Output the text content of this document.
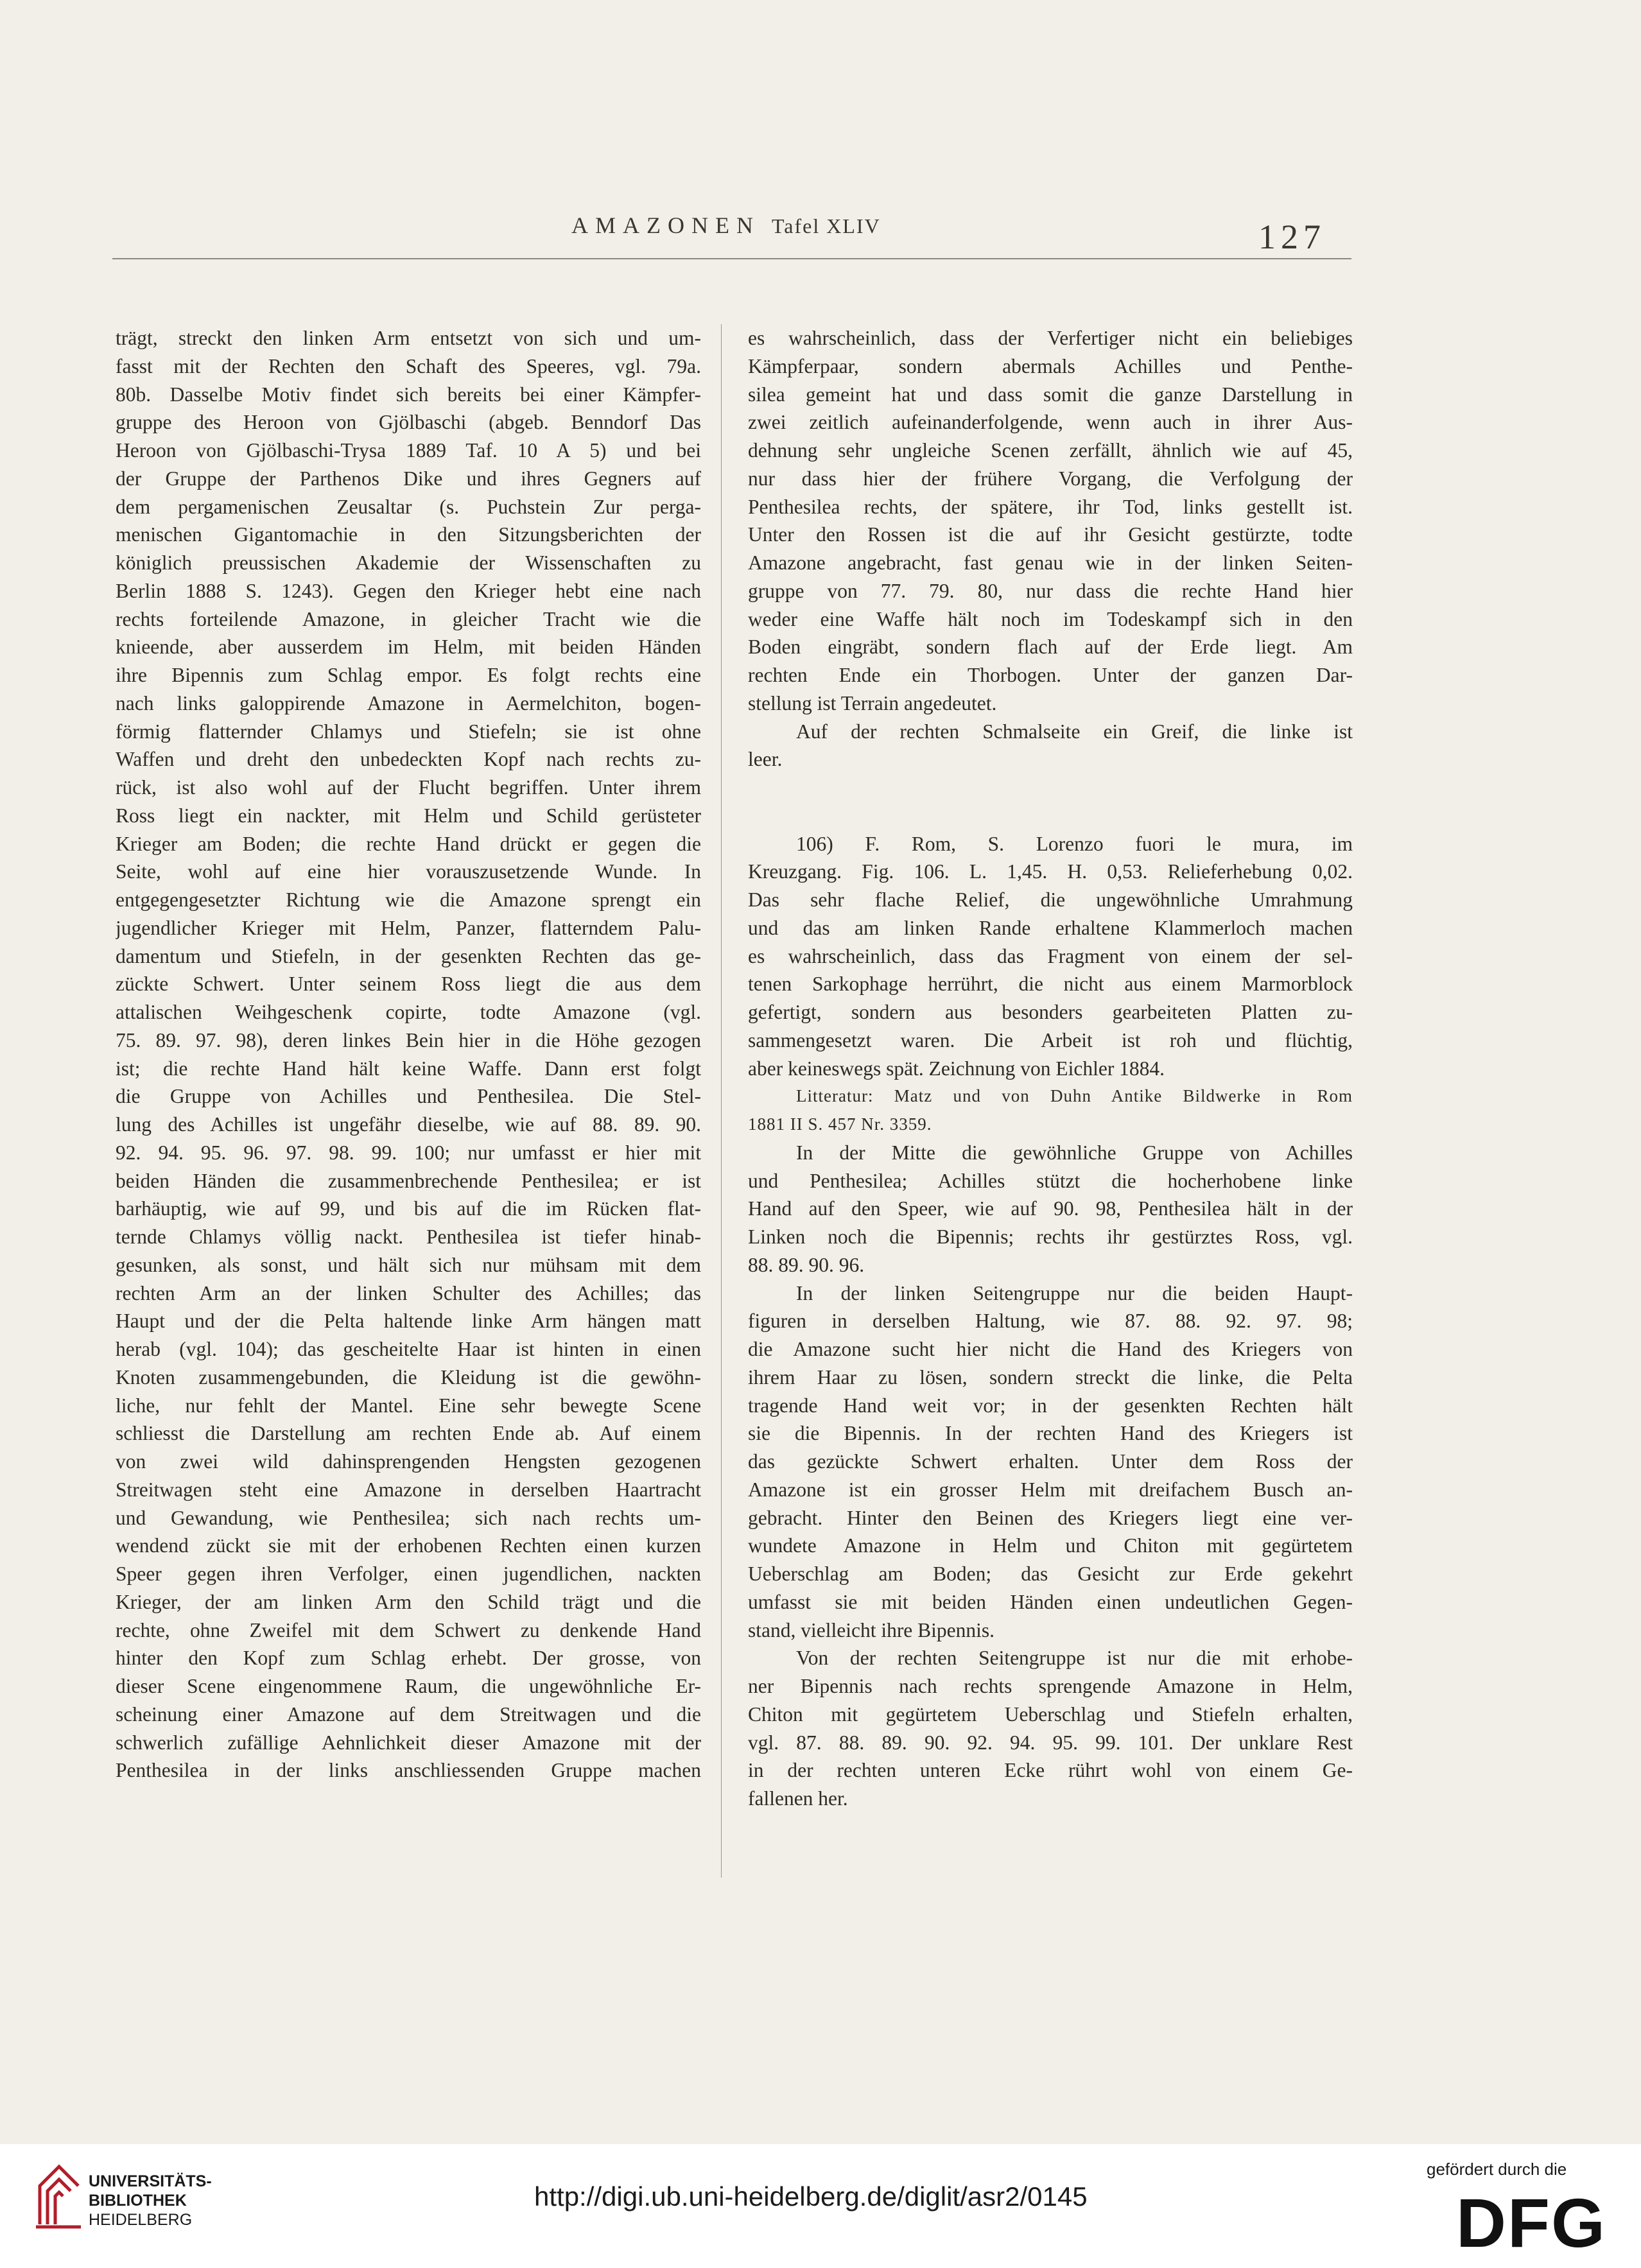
AMAZONEN Tafel XLIV	127
trägt, streckt den linken Arm entsetzt von sich und um-
fasst mit der Rechten den Schaft des Speeres, vgl. 79a.
80b. Dasselbe Motiv findet sich bereits bei einer Kämpfer-
gruppe des Heroon von Gjölbaschi (abgeb. Benndorf Das
Heroon von Gjölbaschi-Trysa 1889 Taf. 10 A 5) und bei
der Gruppe der Parthenos Dike und ihres Gegners auf
dem pergamenischen Zeusaltar (s. Puchstein Zur perga-
menischen Gigantomachie in den Sitzungsberichten der
königlich preussischen Akademie der Wissenschaften zu
Berlin 1888 S. 1243). Gegen den Krieger hebt eine nach
rechts forteilende Amazone, in gleicher Tracht wie die
knieende, aber ausserdem im Helm, mit beiden Händen
ihre Bipennis zum Schlag empor. Es folgt rechts eine
nach links galoppirende Amazone in Aermelchiton, bogen-
förmig flatternder Chlamys und Stiefeln; sie ist ohne
Waffen und dreht den unbedeckten Kopf nach rechts zu-
rück, ist also wohl auf der Flucht begriffen. Unter ihrem
Ross liegt ein nackter, mit Helm und Schild gerüsteter
Krieger am Boden; die rechte Hand drückt er gegen die
Seite, wohl auf eine hier vorauszusetzende Wunde. In
entgegengesetzter Richtung wie die Amazone sprengt ein
jugendlicher Krieger mit Helm, Panzer, flatterndem Palu-
damentum und Stiefeln, in der gesenkten Rechten das ge-
zückte Schwert. Unter seinem Ross liegt die aus dem
attalischen Weihgeschenk copirte, todte Amazone (vgl.
75. 89. 97. 98), deren linkes Bein hier in die Höhe gezogen
ist; die rechte Hand hält keine Waffe. Dann erst folgt
die Gruppe von Achilles und Penthesilea. Die Stel-
lung des Achilles ist ungefähr dieselbe, wie auf 88. 89. 90.
92. 94. 95. 96. 97. 98. 99. 100; nur umfasst er hier mit
beiden Händen die zusammenbrechende Penthesilea; er ist
barhäuptig, wie auf 99, und bis auf die im Rücken flat-
ternde Chlamys völlig nackt. Penthesilea ist tiefer hinab-
gesunken, als sonst, und hält sich nur mühsam mit dem
rechten Arm an der linken Schulter des Achilles; das
Haupt und der die Pelta haltende linke Arm hängen matt
herab (vgl. 104); das gescheitelte Haar ist hinten in einen
Knoten zusammengebunden, die Kleidung ist die gewöhn-
liche, nur fehlt der Mantel. Eine sehr bewegte Scene
schliesst die Darstellung am rechten Ende ab. Auf einem
von zwei wild dahinsprengenden Hengsten gezogenen
Streitwagen steht eine Amazone in derselben Haartracht
und Gewandung, wie Penthesilea; sich nach rechts um-
wendend zückt sie mit der erhobenen Rechten einen kurzen
Speer gegen ihren Verfolger, einen jugendlichen, nackten
Krieger, der am linken Arm den Schild trägt und die
rechte, ohne Zweifel mit dem Schwert zu denkende Hand
hinter den Kopf zum Schlag erhebt. Der grosse, von
dieser Scene eingenommene Raum, die ungewöhnliche Er-
scheinung einer Amazone auf dem Streitwagen und die
schwerlich zufällige Aehnlichkeit dieser Amazone mit der
Penthesilea in der links anschliessenden Gruppe machen
es wahrscheinlich, dass der Verfertiger nicht ein beliebiges
Kämpferpaar, sondern abermals Achilles und Penthe-
silea gemeint hat und dass somit die ganze Darstellung in
zwei zeitlich aufeinanderfolgende, wenn auch in ihrer Aus-
dehnung sehr ungleiche Scenen zerfällt, ähnlich wie auf 45,
nur dass hier der frühere Vorgang, die Verfolgung der
Penthesilea rechts, der spätere, ihr Tod, links gestellt ist.
Unter den Rossen ist die auf ihr Gesicht gestürzte, todte
Amazone angebracht, fast genau wie in der linken Seiten-
gruppe von 77. 79. 80, nur dass die rechte Hand hier
weder eine Waffe hält noch im Todeskampf sich in den
Boden eingräbt, sondern flach auf der Erde liegt. Am
rechten Ende ein Thorbogen. Unter der ganzen Dar-
stellung ist Terrain angedeutet.
Auf der rechten Schmalseite ein Greif, die linke ist
leer.
106) F. Rom, S. Lorenzo fuori le mura, im
Kreuzgang. Fig. 106. L. 1,45. H. 0,53. Relieferhebung 0,02.
Das sehr flache Relief, die ungewöhnliche Umrahmung
und das am linken Rande erhaltene Klammerloch machen
es wahrscheinlich, dass das Fragment von einem der sel-
tenen Sarkophage herrührt, die nicht aus einem Marmorblock
gefertigt, sondern aus besonders gearbeiteten Platten zu-
sammengesetzt waren. Die Arbeit ist roh und flüchtig,
aber keineswegs spät. Zeichnung von Eichler 1884.
Litteratur: Matz und von Duhn Antike Bildwerke in Rom
1881 II S. 457 Nr. 3359.
In der Mitte die gewöhnliche Gruppe von Achilles
und Penthesilea; Achilles stützt die hocherhobene linke
Hand auf den Speer, wie auf 90. 98, Penthesilea hält in der
Linken noch die Bipennis; rechts ihr gestürztes Ross, vgl.
88. 89. 90. 96.
In der linken Seitengruppe nur die beiden Haupt-
figuren in derselben Haltung, wie 87. 88. 92. 97. 98;
die Amazone sucht hier nicht die Hand des Kriegers von
ihrem Haar zu lösen, sondern streckt die linke, die Pelta
tragende Hand weit vor; in der gesenkten Rechten hält
sie die Bipennis. In der rechten Hand des Kriegers ist
das gezückte Schwert erhalten. Unter dem Ross der
Amazone ist ein grosser Helm mit dreifachem Busch an-
gebracht. Hinter den Beinen des Kriegers liegt eine ver-
wundete Amazone in Helm und Chiton mit gegürtetem
Ueberschlag am Boden; das Gesicht zur Erde gekehrt
umfasst sie mit beiden Händen einen undeutlichen Gegen-
stand, vielleicht ihre Bipennis.
Von der rechten Seitengruppe ist nur die mit erhobe-
ner Bipennis nach rechts sprengende Amazone in Helm,
Chiton mit gegürtetem Ueberschlag und Stiefeln erhalten,
vgl. 87. 88. 89. 90. 92. 94. 95. 99. 101. Der unklare Rest
in der rechten unteren Ecke rührt wohl von einem Ge-
fallenen her.
UNIVERSITÄTS-
BIBLIOTHEK
HEIDELBERG
http://digi.ub.uni-heidelberg.de/diglit/asr2/0145
gefördert durch die
DFG
